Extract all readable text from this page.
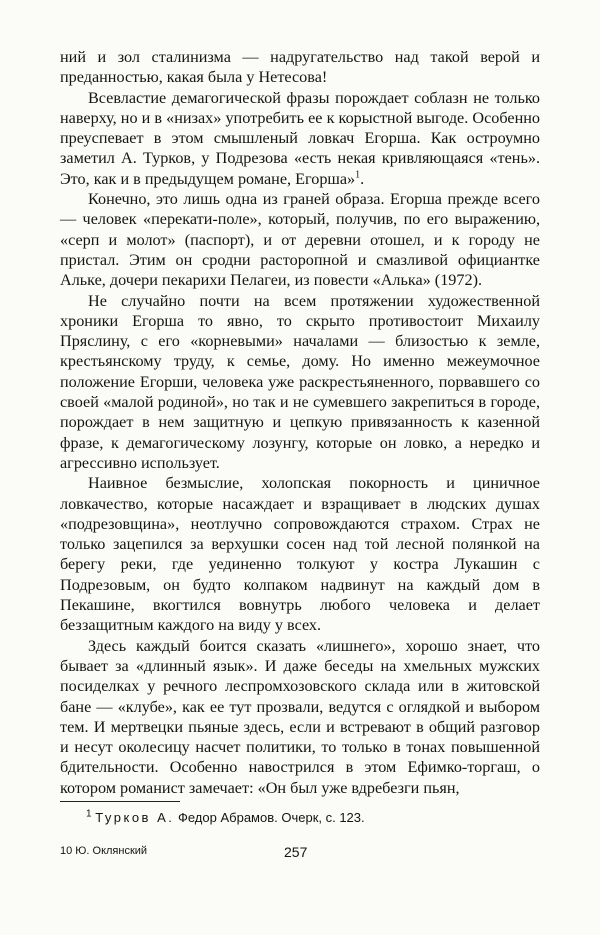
ний и зол сталинизма — надругательство над такой верой и преданностью, какая была у Нетесова!

Всевластие демагогической фразы порождает соблазн не только наверху, но и в «низах» употребить ее к корыстной выгоде. Особенно преуспевает в этом смышленый ловкач Егорша. Как остроумно заметил А. Турков, у Подрезова «есть некая кривляющаяся «тень». Это, как и в предыдущем романе, Егорша»$^1$.

Конечно, это лишь одна из граней образа. Егорша прежде всего — человек «перекати-поле», который, получив, по его выражению, «серп и молот» (паспорт), и от деревни отошел, и к городу не пристал. Этим он сродни расторопной и смазливой официантке Альке, дочери пекарихи Пелагеи, из повести «Алька» (1972).

Не случайно почти на всем протяжении художественной хроники Егорша то явно, то скрыто противостоит Михаилу Пряслину, с его «корневыми» началами — близостью к земле, крестьянскому труду, к семье, дому. Но именно межеумочное положение Егорши, человека уже раскрестьяненного, порвавшего со своей «малой родиной», но так и не сумевшего закрепиться в городе, порождает в нем защитную и цепкую привязанность к казенной фразе, к демагогическому лозунгу, которые он ловко, а нередко и агрессивно использует.

Наивное безмыслие, холопская покорность и циничное ловкачество, которые насаждает и взращивает в людских душах «подрезовщина», неотлучно сопровождаются страхом. Страх не только зацепился за верхушки сосен над той лесной полянкой на берегу реки, где уединенно толкуют у костра Лукашин с Подрезовым, он будто колпаком надвинут на каждый дом в Пекашине, вкогтился вовнутрь любого человека и делает беззащитным каждого на виду у всех.

Здесь каждый боится сказать «лишнего», хорошо знает, что бывает за «длинный язык». И даже беседы на хмельных мужских посиделках у речного леспромхозовского склада или в житовской бане — «клубе», как ее тут прозвали, ведутся с оглядкой и выбором тем. И мертвецки пьяные здесь, если и встревают в общий разговор и несут околесицу насчет политики, то только в тонах повышенной бдительности. Особенно навострился в этом Ефимко-торгаш, о котором романист замечает: «Он был уже вдребезги пьян,

$^1$ Турков А. Федор Абрамов. Очерк, с. 123.
10 Ю. Оклянский	257
